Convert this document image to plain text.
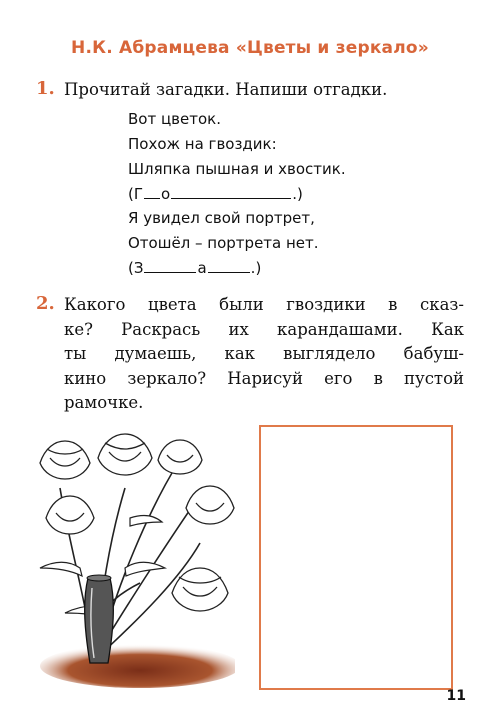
Н.К. Абрамцева «Цветы и зеркало»
1. Прочитай загадки. Напиши отгадки.

Вот цветок.

Похож на гвоздик:

Шляпка пышная и хвостик.

(Г о	.)

Я увидел свой портрет,

Отошёл – портрета нет.

(З	а	.)

2. Какого цвета были гвоздики в сказ-
ке? Раскрась их карандашами. Как
ты думаешь, как выглядело бабуш-
кино зеркало? Нарисуй его в пустой
рамочке.
11
